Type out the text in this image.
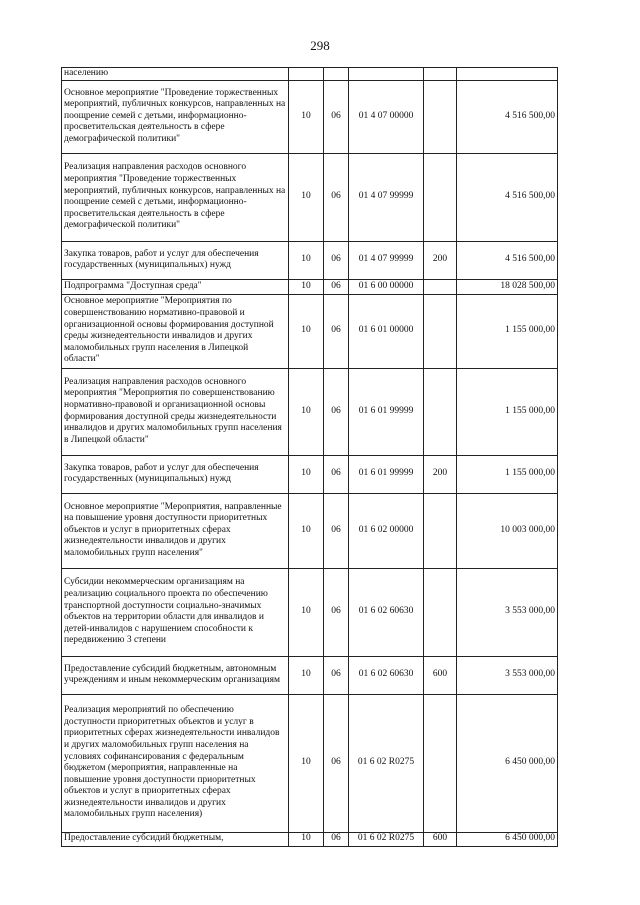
298
населению					
Основное мероприятие "Проведение торжественных мероприятий, публичных конкурсов, направленных на поощрение семей с детьми, информационно-просветительская деятельность в сфере демографической политики"	10	06	01 4 07 00000		4 516 500,00
Реализация направления расходов основного мероприятия "Проведение торжественных мероприятий, публичных конкурсов, направленных на поощрение семей с детьми, информационно-просветительская деятельность в сфере демографической политики"	10	06	01 4 07 99999		4 516 500,00
Закупка товаров, работ и услуг для обеспечения государственных (муниципальных) нужд	10	06	01 4 07 99999	200	4 516 500,00
Подпрограмма "Доступная среда"	10	06	01 6 00 00000		18 028 500,00
Основное мероприятие "Мероприятия по совершенствованию нормативно-правовой и организационной основы формирования доступной среды жизнедеятельности инвалидов и других маломобильных групп населения в Липецкой области"	10	06	01 6 01 00000		1 155 000,00
Реализация направления расходов основного мероприятия "Мероприятия по совершенствованию нормативно-правовой и организационной основы формирования доступной среды жизнедеятельности инвалидов и других маломобильных групп населения в Липецкой области"	10	06	01 6 01 99999		1 155 000,00
Закупка товаров, работ и услуг для обеспечения государственных (муниципальных) нужд	10	06	01 6 01 99999	200	1 155 000,00
Основное мероприятие "Мероприятия, направленные на повышение уровня доступности приоритетных объектов и услуг в приоритетных сферах жизнедеятельности инвалидов и других маломобильных групп населения"	10	06	01 6 02 00000		10 003 000,00
Субсидии некоммерческим организациям на реализацию социального проекта по обеспечению транспортной доступности социально-значимых объектов на территории области для инвалидов и детей-инвалидов с нарушением способности к передвижению 3 степени	10	06	01 6 02 60630		3 553 000,00
Предоставление субсидий бюджетным, автономным учреждениям и иным некоммерческим организациям	10	06	01 6 02 60630	600	3 553 000,00
Реализация мероприятий по обеспечению доступности приоритетных объектов и услуг в приоритетных сферах жизнедеятельности инвалидов и других маломобильных групп населения на условиях софинансирования с федеральным бюджетом (мероприятия, направленные на повышение уровня доступности приоритетных объектов и услуг в приоритетных сферах жизнедеятельности инвалидов и других маломобильных групп населения)	10	06	01 6 02 R0275		6 450 000,00
Предоставление субсидий бюджетным,	10	06	01 6 02 R0275	600	6 450 000,00
